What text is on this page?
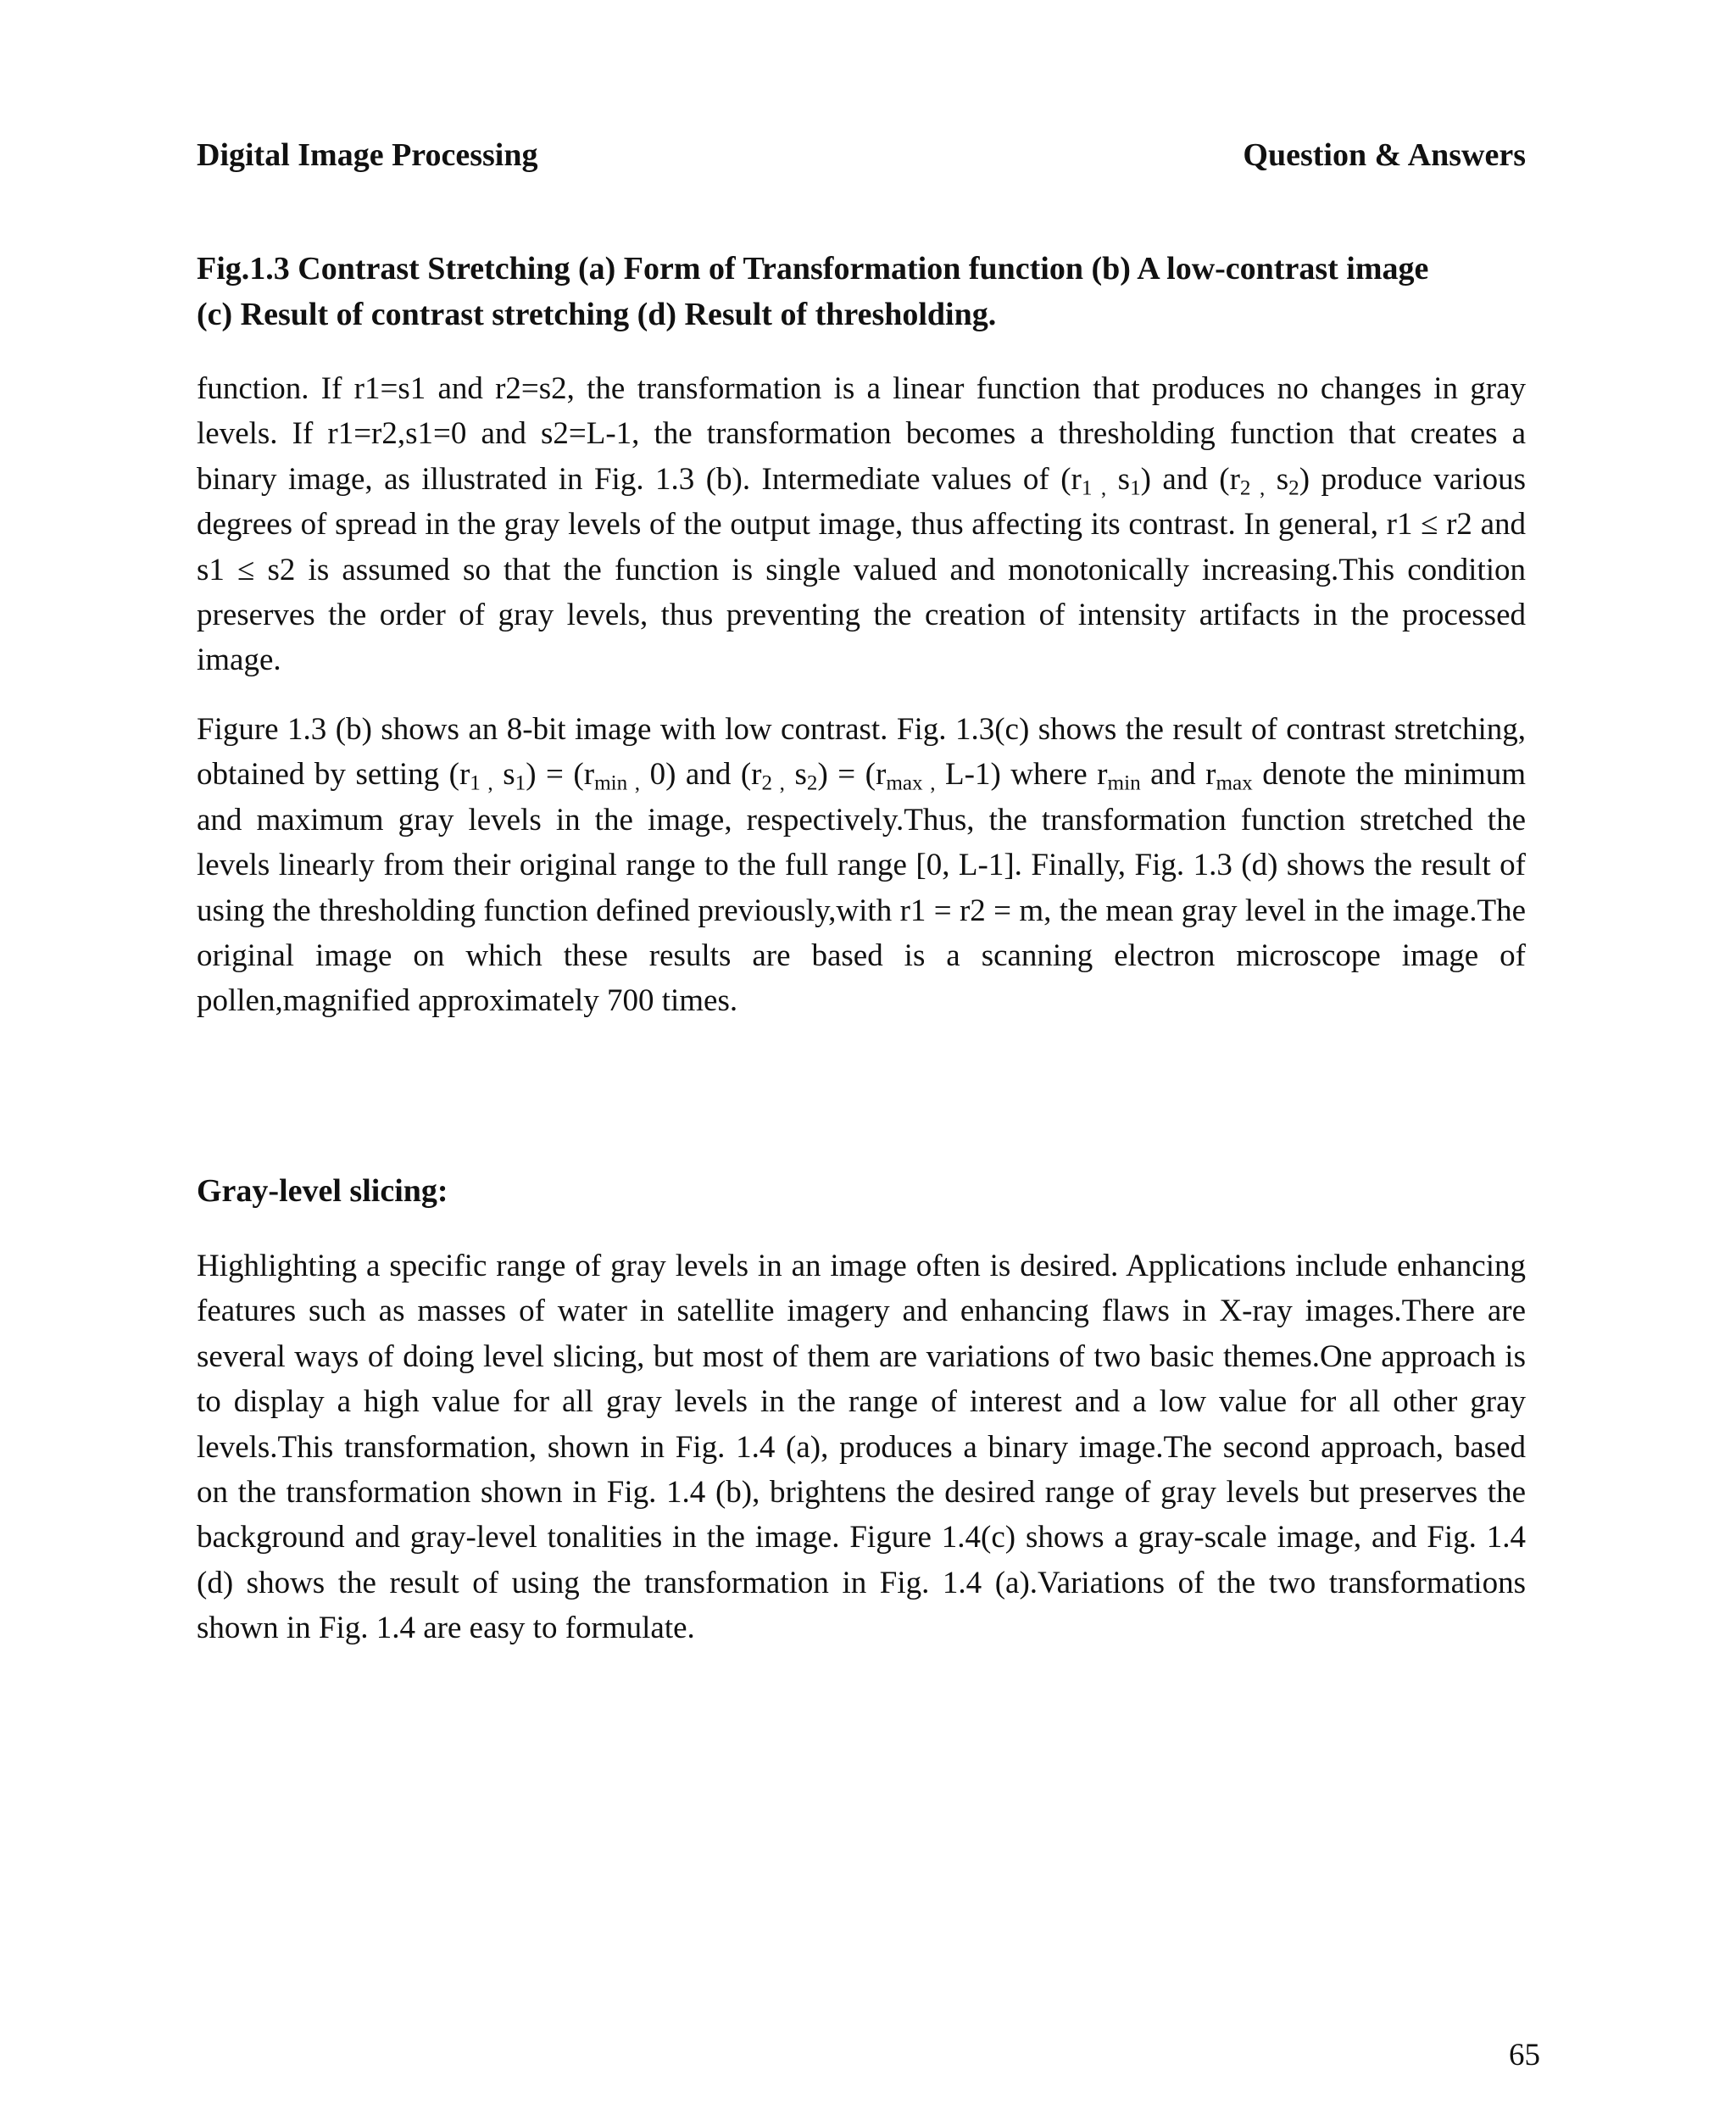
Digital Image Processing	Question & Answers
Fig.1.3 Contrast Stretching (a) Form of Transformation function (b) A low-contrast image
(c) Result of contrast stretching (d) Result of thresholding.

function. If r1=s1 and r2=s2, the transformation is a linear function that produces no changes in gray levels. If r1=r2,s1=0 and s2=L-1, the transformation becomes a thresholding function that creates a binary image, as illustrated in Fig. 1.3 (b). Intermediate values of ($r_{1 ,}$ $s_1$) and ($r_{2 ,}$ $s_2$) produce various degrees of spread in the gray levels of the output image, thus affecting its contrast. In general, r1 ≤ r2 and s1 ≤ s2 is assumed so that the function is single valued and monotonically increasing.This condition preserves the order of gray levels, thus preventing the creation of intensity artifacts in the processed image.

Figure 1.3 (b) shows an 8-bit image with low contrast. Fig. 1.3(c) shows the result of contrast stretching, obtained by setting ($r_{1 ,}$ $s_1) = (r_{min ,}$ 0) and ($r_{2 ,}$ $s_2) = (r_{max ,}$ L-1) where $r_{min}$ and $r_{max}$ denote the minimum and maximum gray levels in the image, respectively.Thus, the transformation function stretched the levels linearly from their original range to the full range [0, L-1]. Finally, Fig. 1.3 (d) shows the result of using the thresholding function defined previously,with r1 = r2 = m, the mean gray level in the image.The original image on which these results are based is a scanning electron microscope image of pollen,magnified approximately 700 times.

Gray-level slicing:

Highlighting a specific range of gray levels in an image often is desired. Applications include enhancing features such as masses of water in satellite imagery and enhancing flaws in X-ray images.There are several ways of doing level slicing, but most of them are variations of two basic themes.One approach is to display a high value for all gray levels in the range of interest and a low value for all other gray levels.This transformation, shown in Fig. 1.4 (a), produces a binary image.The second approach, based on the transformation shown in Fig. 1.4 (b), brightens the desired range of gray levels but preserves the background and gray-level tonalities in the image. Figure 1.4(c) shows a gray-scale image, and Fig. 1.4 (d) shows the result of using the transformation in Fig. 1.4 (a).Variations of the two transformations shown in Fig. 1.4 are easy to formulate.

65
